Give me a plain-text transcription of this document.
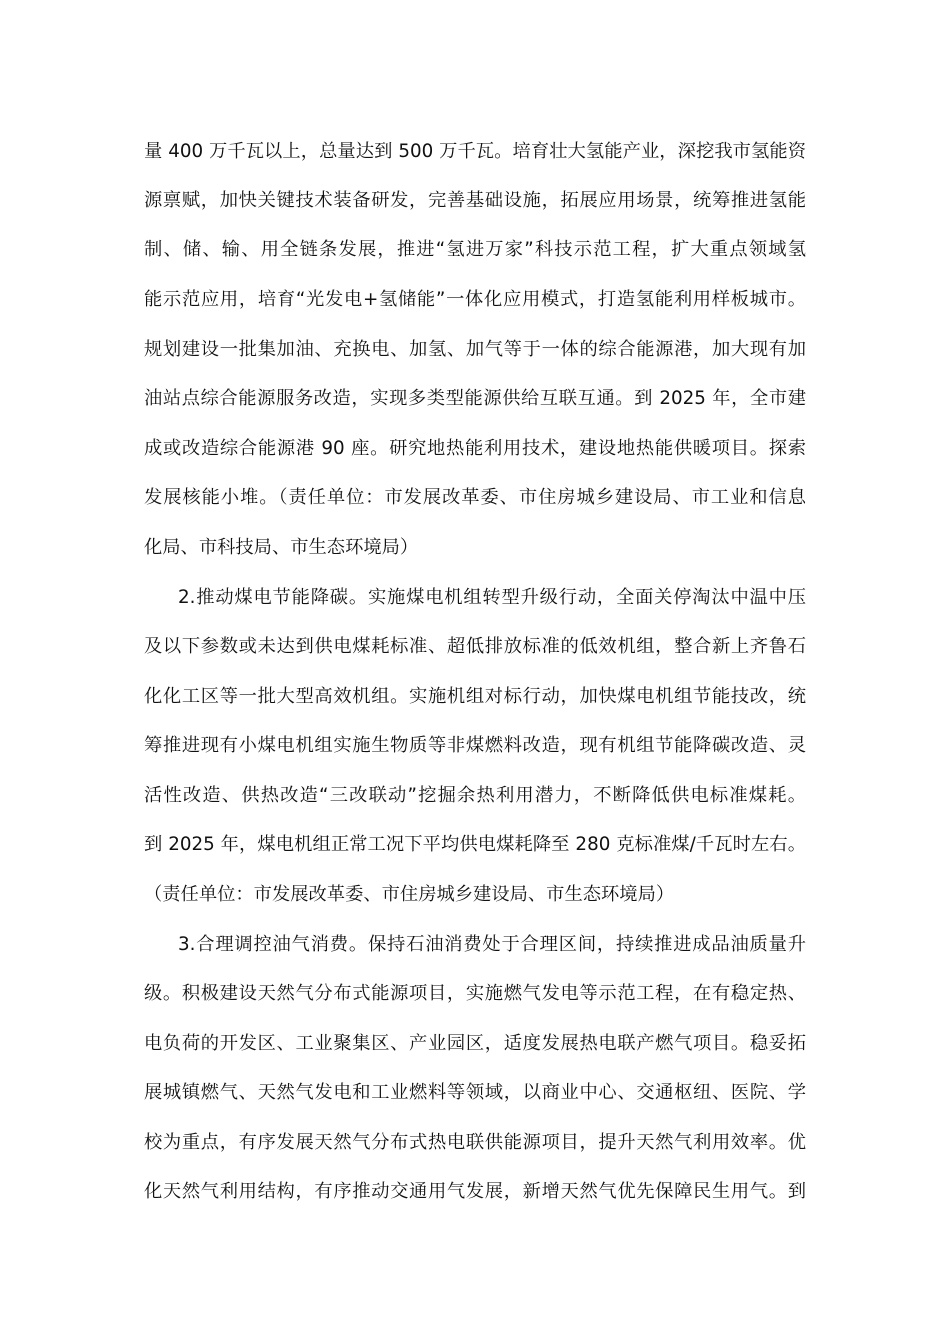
量 400 万千瓦以上，总量达到 500 万千瓦。培育壮大氢能产业，深挖我市氢能资
源禀赋，加快关键技术装备研发，完善基础设施，拓展应用场景，统筹推进氢能
制、储、输、用全链条发展，推进“氢进万家”科技示范工程，扩大重点领域氢
能示范应用，培育“光发电+氢储能”一体化应用模式，打造氢能利用样板城市。
规划建设一批集加油、充换电、加氢、加气等于一体的综合能源港，加大现有加
油站点综合能源服务改造，实现多类型能源供给互联互通。到 2025 年，全市建
成或改造综合能源港 90 座。研究地热能利用技术，建设地热能供暖项目。探索
发展核能小堆。（责任单位：市发展改革委、市住房城乡建设局、市工业和信息
化局、市科技局、市生态环境局）
2.推动煤电节能降碳。实施煤电机组转型升级行动，全面关停淘汰中温中压
及以下参数或未达到供电煤耗标准、超低排放标准的低效机组，整合新上齐鲁石
化化工区等一批大型高效机组。实施机组对标行动，加快煤电机组节能技改，统
筹推进现有小煤电机组实施生物质等非煤燃料改造，现有机组节能降碳改造、灵
活性改造、供热改造“三改联动”挖掘余热利用潜力，不断降低供电标准煤耗。
到 2025 年，煤电机组正常工况下平均供电煤耗降至 280 克标准煤/千瓦时左右。
（责任单位：市发展改革委、市住房城乡建设局、市生态环境局）
3.合理调控油气消费。保持石油消费处于合理区间，持续推进成品油质量升
级。积极建设天然气分布式能源项目，实施燃气发电等示范工程，在有稳定热、
电负荷的开发区、工业聚集区、产业园区，适度发展热电联产燃气项目。稳妥拓
展城镇燃气、天然气发电和工业燃料等领域，以商业中心、交通枢纽、医院、学
校为重点，有序发展天然气分布式热电联供能源项目，提升天然气利用效率。优
化天然气利用结构，有序推动交通用气发展，新增天然气优先保障民生用气。到
